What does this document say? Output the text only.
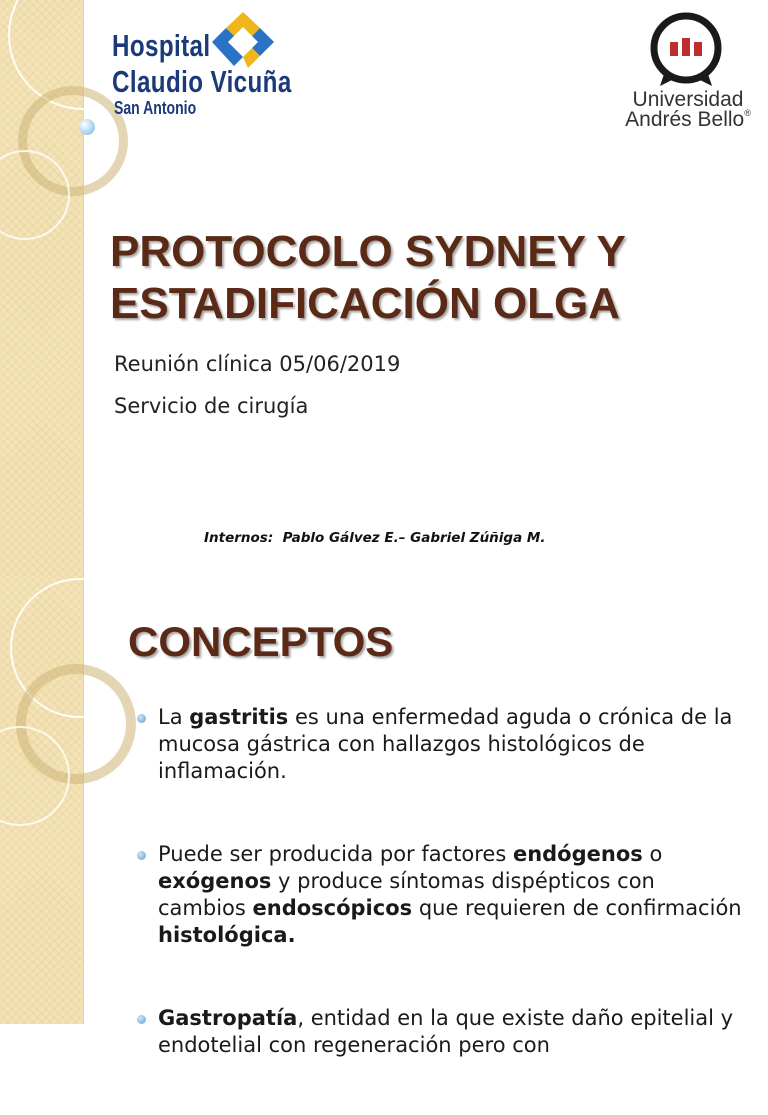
Hospital
Claudio Vicuña
San Antonio	Universidad
Andrés Bello®
PROTOCOLO SYDNEY Y
ESTADIFICACIÓN OLGA
Reunión clínica 05/06/2019
Servicio de cirugía
Internos:  Pablo Gálvez E.– Gabriel Zúñiga M.
CONCEPTOS
La gastritis es una enfermedad aguda o crónica de la mucosa gástrica con hallazgos histológicos de inflamación.
Puede ser producida por factores endógenos o exógenos y produce síntomas dispépticos con cambios endoscópicos que requieren de confirmación histológica.
Gastropatía, entidad en la que existe daño epitelial y endotelial con regeneración pero con
